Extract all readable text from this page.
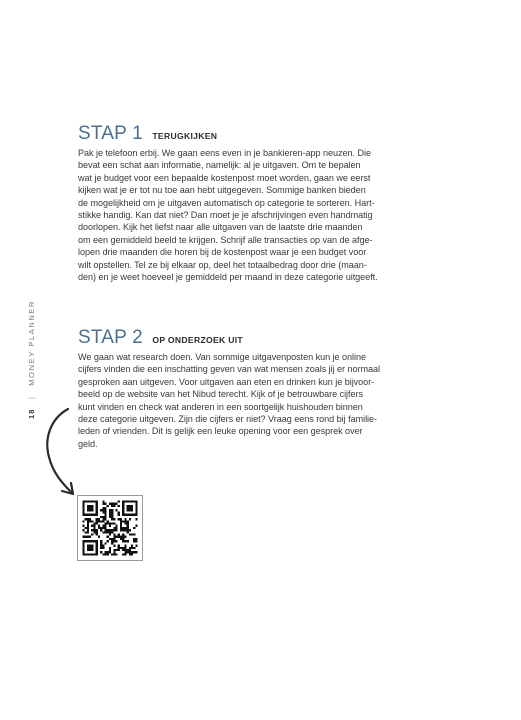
18 | MONEY PLANNER
STAP 1 TERUGKIJKEN
Pak je telefoon erbij. We gaan eens even in je bankieren-app neuzen. Die
bevat een schat aan informatie, namelijk: al je uitgaven. Om te bepalen
wat je budget voor een bepaalde kostenpost moet worden, gaan we eerst
kijken wat je er tot nu toe aan hebt uitgegeven. Sommige banken bieden
de mogelijkheid om je uitgaven automatisch op categorie te sorteren. Hart-
stikke handig. Kan dat niet? Dan moet je je afschrijvingen even handmatig
doorlopen. Kijk het liefst naar alle uitgaven van de laatste drie maanden
om een gemiddeld beeld te krijgen. Schrijf alle transacties op van de afge-
lopen drie maanden die horen bij de kostenpost waar je een budget voor
wilt opstellen. Tel ze bij elkaar op, deel het totaalbedrag door drie (maan-
den) en je weet hoeveel je gemiddeld per maand in deze categorie uitgeeft.
STAP 2 OP ONDERZOEK UIT
We gaan wat research doen. Van sommige uitgavenposten kun je online
cijfers vinden die een inschatting geven van wat mensen zoals jij er normaal
gesproken aan uitgeven. Voor uitgaven aan eten en drinken kun je bijvoor-
beeld op de website van het Nibud terecht. Kijk of je betrouwbare cijfers
kunt vinden en check wat anderen in een soortgelijk huishouden binnen
deze categorie uitgeven. Zijn die cijfers er niet? Vraag eens rond bij familie-
leden of vrienden. Dit is gelijk een leuke opening voor een gesprek over
geld.
